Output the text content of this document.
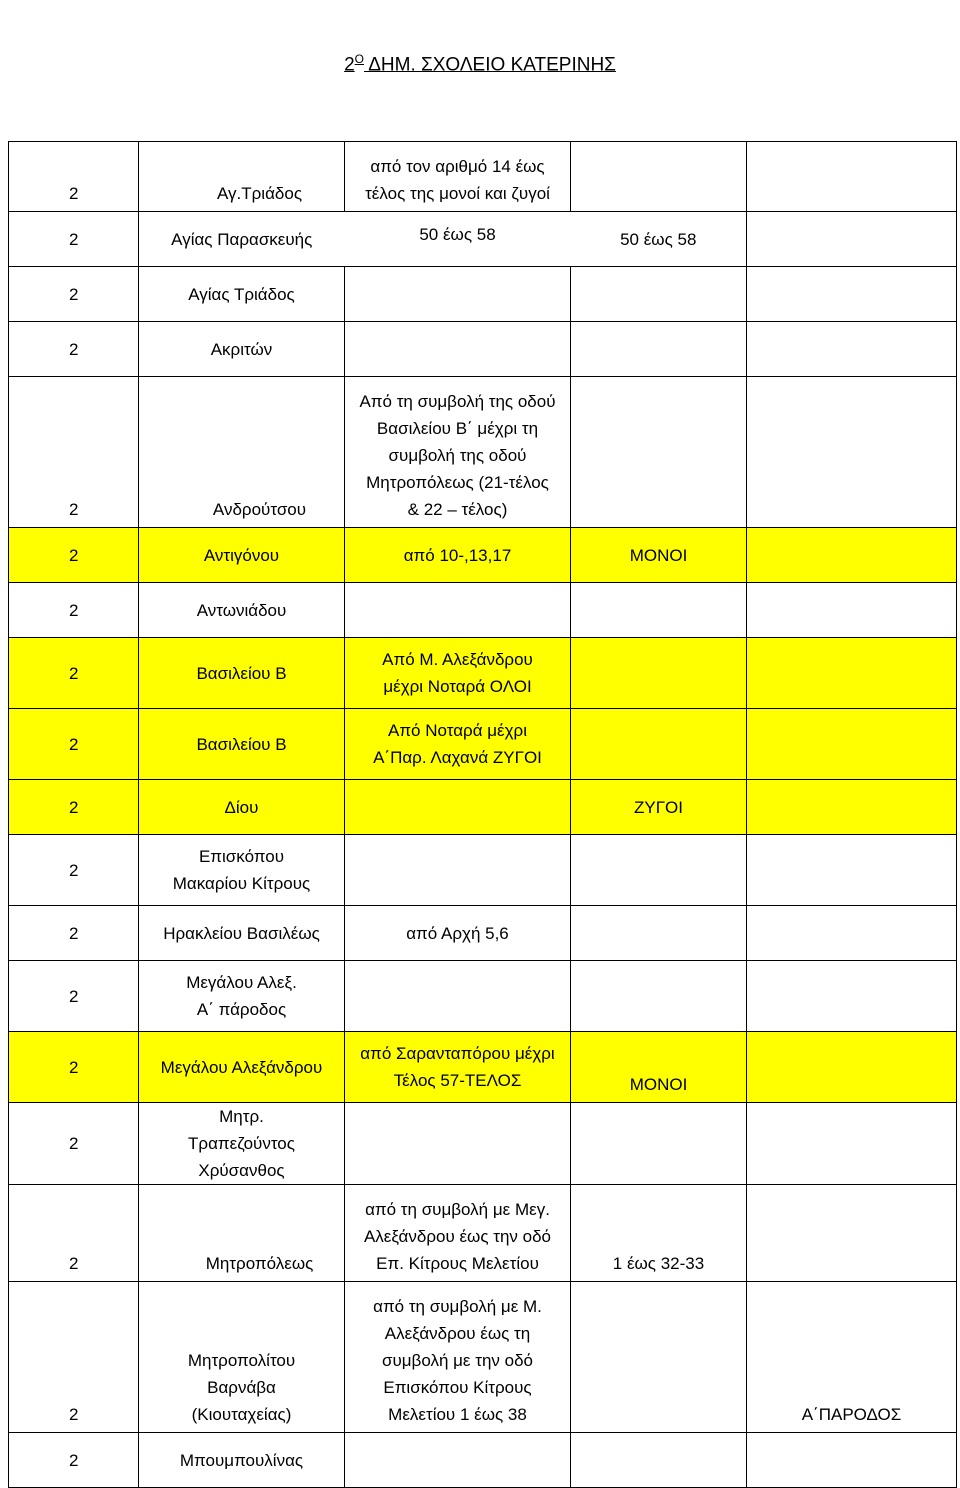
$2^O$ ΔΗΜ. ΣΧΟΛΕΙΟ ΚΑΤΕΡΙΝΗΣ
2	Αγ.Τριάδος	από τον αριθμό 14 έως τέλος της μονοί και ζυγοί		
2	Αγίας Παρασκευής	50 έως 58	50 έως 58	
2	Αγίας Τριάδος			
2	Ακριτών			
2	Ανδρούτσου	Από τη συμβολή της οδού Βασιλείου Β΄ μέχρι τη συμβολή της οδού Μητροπόλεως (21-τέλος & 22 – τέλος)		
2	Αντιγόνου	από 10-,13,17	ΜΟΝΟΙ	
2	Αντωνιάδου			
2	Βασιλείου Β	Από Μ. Αλεξάνδρου μέχρι Νοταρά ΟΛΟΙ		
2	Βασιλείου Β	Από Νοταρά μέχρι Α΄Παρ. Λαχανά ΖΥΓΟΙ		
2	Δίου		ΖΥΓΟΙ	
2	Επισκόπου Μακαρίου Κίτρους			
2	Ηρακλείου Βασιλέως	από Αρχή 5,6		
2	Μεγάλου Αλεξ. Α΄ πάροδος			
2	Μεγάλου Αλεξάνδρου	από Σαρανταπόρου μέχρι Τέλος 57-ΤΕΛΟΣ	ΜΟΝΟΙ	
2	Μητρ. Τραπεζούντος Χρύσανθος			
2	Μητροπόλεως	από τη συμβολή με Μεγ. Αλεξάνδρου έως την οδό Επ. Κίτρους Μελετίου	1 έως 32-33	
2	Μητροπολίτου Βαρνάβα (Κιουταχείας)	από τη συμβολή με Μ. Αλεξάνδρου έως τη συμβολή με την οδό Επισκόπου Κίτρους Μελετίου 1 έως 38		Α΄ΠΑΡΟΔΟΣ
2	Μπουμπουλίνας			
